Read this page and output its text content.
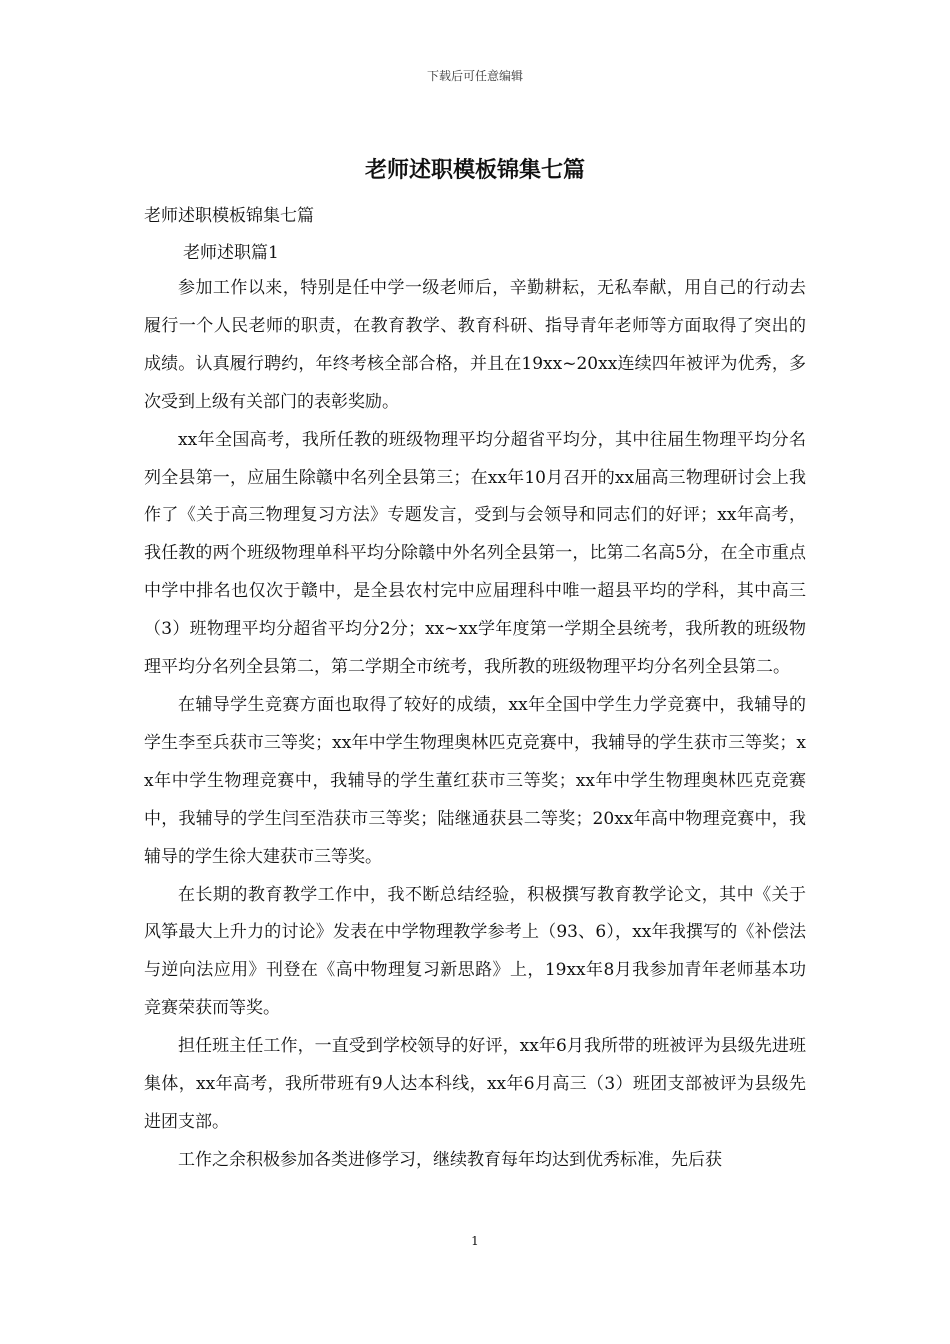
下载后可任意编辑
老师述职模板锦集七篇
老师述职模板锦集七篇
老师述职篇1

参加工作以来，特别是任中学一级老师后，辛勤耕耘，无私奉献，用自己的行动去履行一个人民老师的职责，在教育教学、教育科研、指导青年老师等方面取得了突出的成绩。认真履行聘约，年终考核全部合格，并且在19xx~20xx连续四年被评为优秀，多次受到上级有关部门的表彰奖励。

xx年全国高考，我所任教的班级物理平均分超省平均分，其中往届生物理平均分名列全县第一，应届生除赣中名列全县第三；在xx年10月召开的xx届高三物理研讨会上我作了《关于高三物理复习方法》专题发言，受到与会领导和同志们的好评；xx年高考，我任教的两个班级物理单科平均分除赣中外名列全县第一，比第二名高5分，在全市重点中学中排名也仅次于赣中，是全县农村完中应届理科中唯一超县平均的学科，其中高三（3）班物理平均分超省平均分2分；xx~xx学年度第一学期全县统考，我所教的班级物理平均分名列全县第二，第二学期全市统考，我所教的班级物理平均分名列全县第二。

在辅导学生竞赛方面也取得了较好的成绩，xx年全国中学生力学竞赛中，我辅导的学生李至兵获市三等奖；xx年中学生物理奥林匹克竞赛中，我辅导的学生获市三等奖；xx年中学生物理竞赛中，我辅导的学生董红获市三等奖；xx年中学生物理奥林匹克竞赛中，我辅导的学生闫至浩获市三等奖；陆继通获县二等奖；20xx年高中物理竞赛中，我辅导的学生徐大建获市三等奖。

在长期的教育教学工作中，我不断总结经验，积极撰写教育教学论文，其中《关于风筝最大上升力的讨论》发表在中学物理教学参考上（93、6），xx年我撰写的《补偿法与逆向法应用》刊登在《高中物理复习新思路》上，19xx年8月我参加青年老师基本功竞赛荣获而等奖。

担任班主任工作，一直受到学校领导的好评，xx年6月我所带的班被评为县级先进班集体，xx年高考，我所带班有9人达本科线，xx年6月高三（3）班团支部被评为县级先进团支部。

工作之余积极参加各类进修学习，继续教育每年均达到优秀标准，先后获

1
